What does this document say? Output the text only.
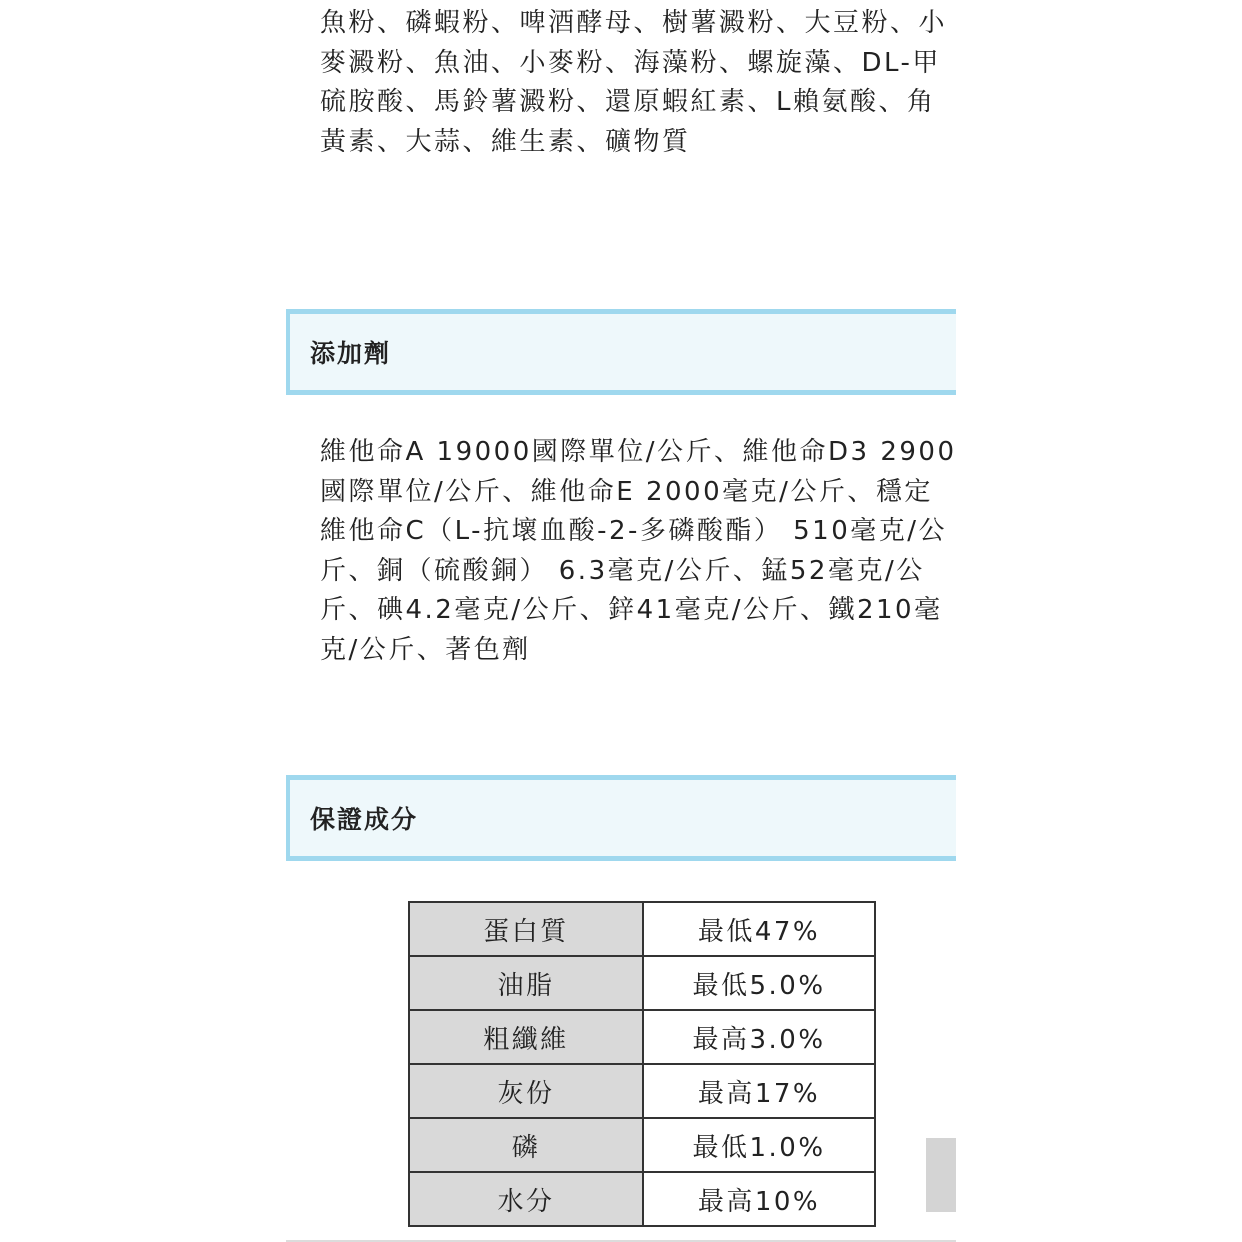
魚粉、磷蝦粉、啤酒酵母、樹薯澱粉、大豆粉、小麥澱粉、魚油、小麥粉、海藻粉、螺旋藻、DL-甲硫胺酸、馬鈴薯澱粉、還原蝦紅素、L賴氨酸、角黃素、大蒜、維生素、礦物質

添加劑

維他命A 19000國際單位/公斤、維他命D3 2900國際單位/公斤、維他命E 2000毫克/公斤、穩定維他命C（L-抗壞血酸-2-多磷酸酯） 510毫克/公斤、銅（硫酸銅） 6.3毫克/公斤、錳52毫克/公斤、碘4.2毫克/公斤、鋅41毫克/公斤、鐵210毫克/公斤、著色劑

保證成分
蛋白質	最低47%
油脂	最低5.0%
粗纖維	最高3.0%
灰份	最高17%
磷	最低1.0%
水分	最高10%
